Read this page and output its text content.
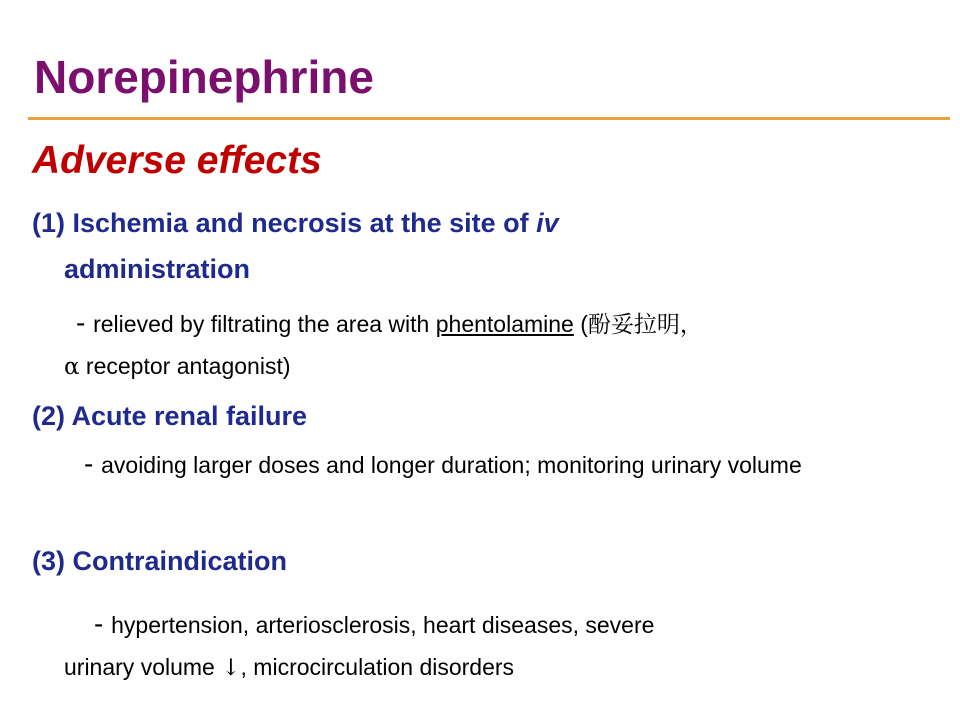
Norepinephrine
Adverse effects
(1) Ischemia and necrosis at the site of iv
administration
- relieved by filtrating the area with phentolamine (酚妥拉明，
α receptor antagonist)
(2) Acute renal failure
- avoiding larger doses and longer duration; monitoring urinary volume
(3) Contraindication
- hypertension, arteriosclerosis, heart diseases, severe
urinary volume ↓, microcirculation disorders
